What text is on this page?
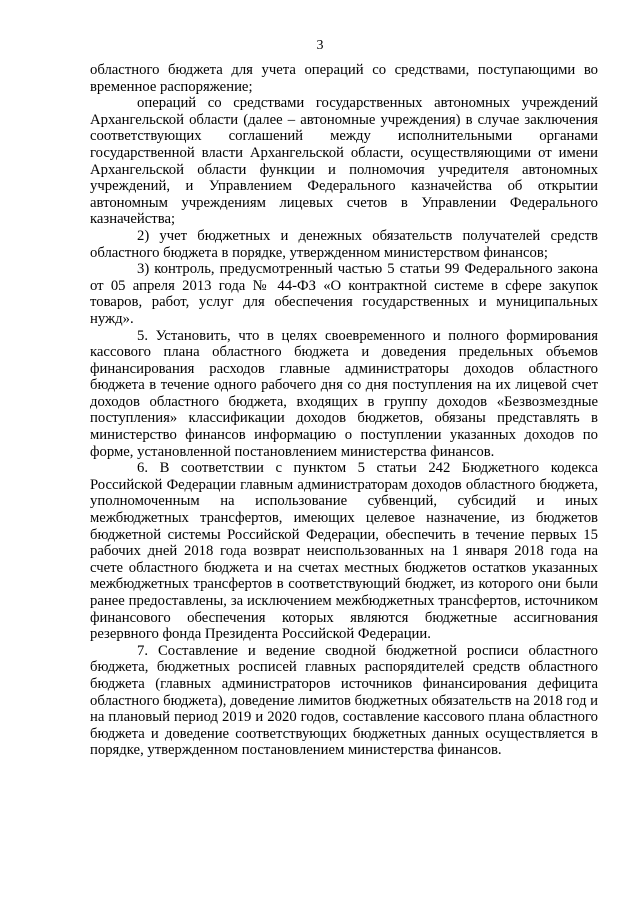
3

областного бюджета для учета операций со средствами, поступающими во временное распоряжение;

операций со средствами государственных автономных учреждений Архангельской области (далее – автономные учреждения) в случае заключения соответствующих соглашений между исполнительными органами государственной власти Архангельской области, осуществляющими от имени Архангельской области функции и полномочия учредителя автономных учреждений, и Управлением Федерального казначейства об открытии автономным учреждениям лицевых счетов в Управлении Федерального казначейства;

2) учет бюджетных и денежных обязательств получателей средств областного бюджета в порядке, утвержденном министерством финансов;

3) контроль, предусмотренный частью 5 статьи 99 Федерального закона от 05 апреля 2013 года № 44-ФЗ «О контрактной системе в сфере закупок товаров, работ, услуг для обеспечения государственных и муниципальных нужд».

5. Установить, что в целях своевременного и полного формирования кассового плана областного бюджета и доведения предельных объемов финансирования расходов главные администраторы доходов областного бюджета в течение одного рабочего дня со дня поступления на их лицевой счет доходов областного бюджета, входящих в группу доходов «Безвозмездные поступления» классификации доходов бюджетов, обязаны представлять в министерство финансов информацию о поступлении указанных доходов по форме, установленной постановлением министерства финансов.

6. В соответствии с пунктом 5 статьи 242 Бюджетного кодекса Российской Федерации главным администраторам доходов областного бюджета, уполномоченным на использование субвенций, субсидий и иных межбюджетных трансфертов, имеющих целевое назначение, из бюджетов бюджетной системы Российской Федерации, обеспечить в течение первых 15 рабочих дней 2018 года возврат неиспользованных на 1 января 2018 года на счете областного бюджета и на счетах местных бюджетов остатков указанных межбюджетных трансфертов в соответствующий бюджет, из которого они были ранее предоставлены, за исключением межбюджетных трансфертов, источником финансового обеспечения которых являются бюджетные ассигнования резервного фонда Президента Российской Федерации.

7. Составление и ведение сводной бюджетной росписи областного бюджета, бюджетных росписей главных распорядителей средств областного бюджета (главных администраторов источников финансирования дефицита областного бюджета), доведение лимитов бюджетных обязательств на 2018 год и на плановый период 2019 и 2020 годов, составление кассового плана областного бюджета и доведение соответствующих бюджетных данных осуществляется в порядке, утвержденном постановлением министерства финансов.
